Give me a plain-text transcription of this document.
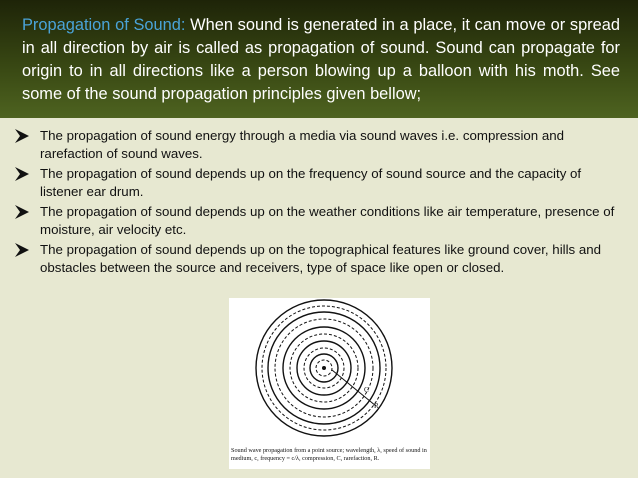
Propagation of Sound: When sound is generated in a place, it can move or spread in all direction by air is called as propagation of sound. Sound can propagate for origin to in all directions like a person blowing up a balloon with his moth. See some of the sound propagation principles given bellow;
The propagation of sound energy through a media via sound waves i.e. compression and rarefaction of sound waves.
The propagation of sound depends up on the frequency of sound source and the capacity of listener ear drum.
The propagation of sound depends up on the weather conditions like air temperature, presence of moisture, air velocity etc.
The propagation of sound depends up on the topographical features like ground cover, hills and obstacles between the source and receivers, type of space like open or closed.
C
R
Sound wave propagation from a point source; wavelength, λ, speed of sound in medium, c, frequency = c/λ, compression, C, rarefaction, R.
